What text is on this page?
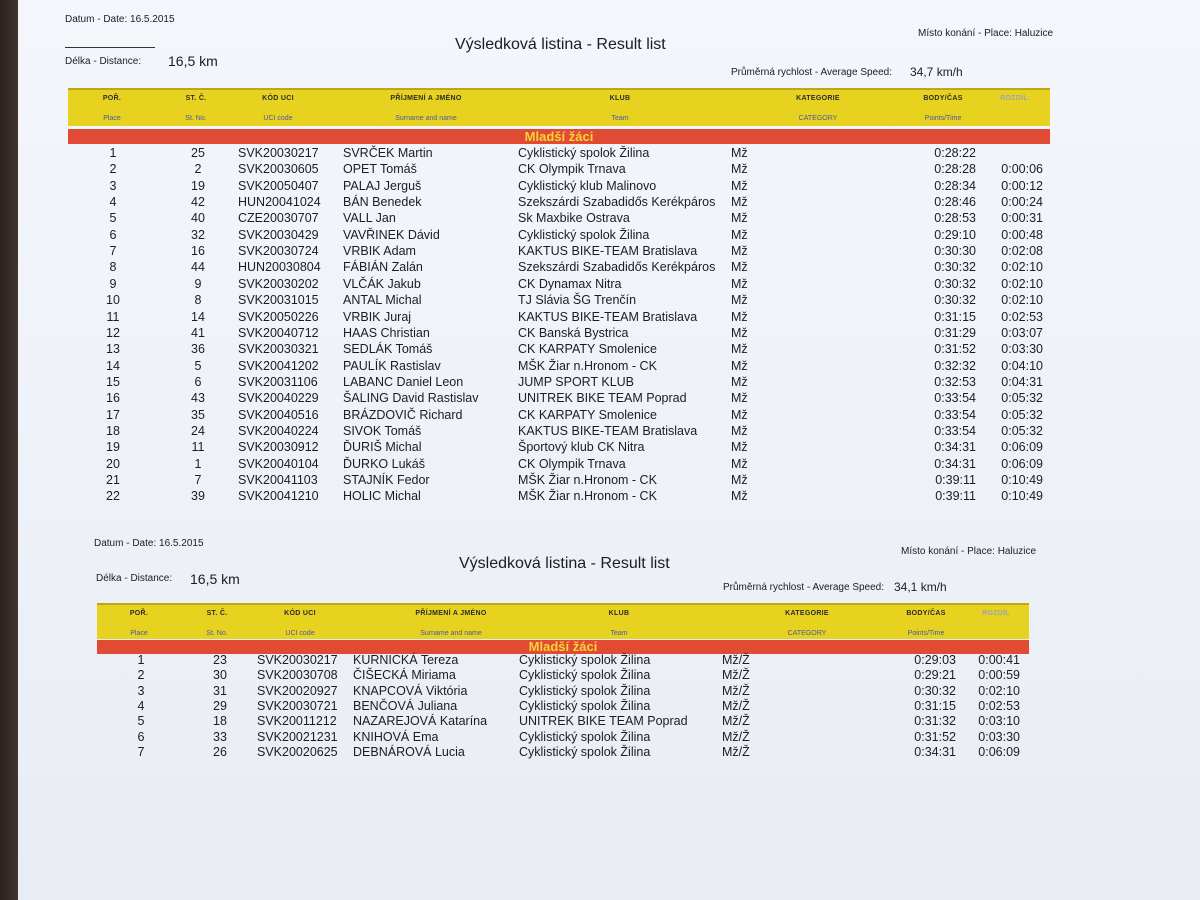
Datum - Date: 16.5.2015
Místo konání - Place: Haluzice
Délka - Distance: 16,5 km
Výsledková listina - Result list
Průměrná rychlost - Average Speed: 34,7 km/h
POŘ.
Place
ST. Č.
St. No.
KÓD UCI
UCI code
PŘÍJMENÍ A JMÉNO
Surname and name
KLUB
Team
KATEGORIE
CATEGORY
BODY/ČAS
Points/Time
ROZDÍL
Mladší žáci
1	25	SVK20030217 SVRČEK Martin	Cyklistický spolok Žilina	Mž	0:28:22
2	2	SVK20030605 OPET Tomáš	CK Olympik Trnava	Mž	0:28:28	0:00:06
3	19	SVK20050407 PALAJ Jerguš	Cyklistický klub Malinovo	Mž	0:28:34	0:00:12
4	42	HUN20041024 BÁN Benedek	Szekszárdi Szabadidős Kerékpáros Mž	0:28:46	0:00:24
5	40	CZE20030707 VALL Jan	Sk Maxbike Ostrava	Mž	0:28:53	0:00:31
6	32	SVK20030429 VAVŘINEK Dávid	Cyklistický spolok Žilina	Mž	0:29:10	0:00:48
7	16	SVK20030724 VRBIK Adam	KAKTUS BIKE-TEAM Bratislava	Mž	0:30:30	0:02:08
8	44	HUN20030804 FÁBIÁN Zalán	Szekszárdi Szabadidős Kerékpáros Mž	0:30:32	0:02:10
9	9	SVK20030202 VLČÁK Jakub	CK Dynamax Nitra	Mž	0:30:32	0:02:10
10	8	SVK20031015 ANTAL Michal	TJ Slávia ŠG Trenčín	Mž	0:30:32	0:02:10
11	14	SVK20050226 VRBIK Juraj	KAKTUS BIKE-TEAM Bratislava	Mž	0:31:15	0:02:53
12	41	SVK20040712 HAAS Christian	CK Banská Bystrica	Mž	0:31:29	0:03:07
13	36	SVK20030321 SEDLÁK Tomáš	CK KARPATY Smolenice	Mž	0:31:52	0:03:30
14	5	SVK20041202 PAULÍK Rastislav	MŠK Žiar n.Hronom - CK	Mž	0:32:32	0:04:10
15	6	SVK20031106 LABANC Daniel Leon	JUMP SPORT KLUB	Mž	0:32:53	0:04:31
16	43	SVK20040229 ŠALING David Rastislav	UNITREK BIKE TEAM Poprad	Mž	0:33:54	0:05:32
17	35	SVK20040516 BRÁZDOVIČ Richard	CK KARPATY Smolenice	Mž	0:33:54	0:05:32
18	24	SVK20040224 SIVOK Tomáš	KAKTUS BIKE-TEAM Bratislava	Mž	0:33:54	0:05:32
19	11	SVK20030912 ĎURIŠ Michal	Športový klub CK Nitra	Mž	0:34:31	0:06:09
20	1	SVK20040104 ĎURKO Lukáš	CK Olympik Trnava	Mž	0:34:31	0:06:09
21	7	SVK20041103 STAJNÍK Fedor	MŠK Žiar n.Hronom - CK	Mž	0:39:11	0:10:49
22	39	SVK20041210 HOLIC Michal	MŠK Žiar n.Hronom - CK	Mž	0:39:11	0:10:49
Datum - Date: 16.5.2015
Místo konání - Place: Haluzice
Výsledková listina - Result list
Délka - Distance: 16,5 km
Průměrná rychlost - Average Speed: 34,1 km/h
POŘ.
Place
ST. Č.
St. No.
KÓD UCI
UCI code
PŘÍJMENÍ A JMÉNO
Surname and name
KLUB
Team
KATEGORIE
CATEGORY
BODY/ČAS
Points/Time
ROZDÍL
Mladší žáci
1	23	SVK20030217 KURNICKÁ Tereza	Cyklistický spolok Žilina	Mž/Ž	0:29:03	0:00:41
2	30	SVK20030708 ČIŠECKÁ Miriama	Cyklistický spolok Žilina	Mž/Ž	0:29:21	0:00:59
3	31	SVK20020927 KNAPCOVÁ Viktória	Cyklistický spolok Žilina	Mž/Ž	0:30:32	0:02:10
4	29	SVK20030721 BENČOVÁ Juliana	Cyklistický spolok Žilina	Mž/Ž	0:31:15	0:02:53
5	18	SVK20011212 NAZAREJOVÁ Katarína	UNITREK BIKE TEAM Poprad	Mž/Ž	0:31:32	0:03:10
6	33	SVK20021231 KNIHOVÁ Ema	Cyklistický spolok Žilina	Mž/Ž	0:31:52	0:03:30
7	26	SVK20020625 DEBNÁROVÁ Lucia	Cyklistický spolok Žilina	Mž/Ž	0:34:31	0:06:09
